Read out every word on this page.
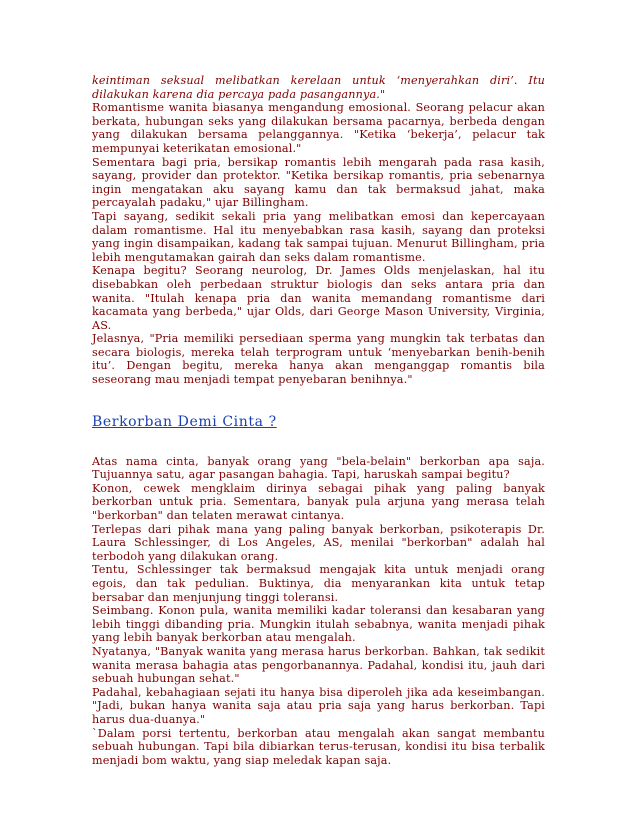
keintiman seksual melibatkan kerelaan untuk ‘menyerahkan diri’. Itu dilakukan karena dia percaya pada pasangannya."

Romantisme wanita biasanya mengandung emosional. Seorang pelacur akan berkata, hubungan seks yang dilakukan bersama pacarnya, berbeda dengan yang dilakukan bersama pelanggannya. "Ketika ‘bekerja’, pelacur tak mempunyai keterikatan emosional."

Sementara bagi pria, bersikap romantis lebih mengarah pada rasa kasih, sayang, provider dan protektor. "Ketika bersikap romantis, pria sebenarnya ingin mengatakan aku sayang kamu dan tak bermaksud jahat, maka percayalah padaku," ujar Billingham.

Tapi sayang, sedikit sekali pria yang melibatkan emosi dan kepercayaan dalam romantisme. Hal itu menyebabkan rasa kasih, sayang dan proteksi yang ingin disampaikan, kadang tak sampai tujuan. Menurut Billingham, pria lebih mengutamakan gairah dan seks dalam romantisme.

Kenapa begitu? Seorang neurolog, Dr. James Olds menjelaskan, hal itu disebabkan oleh perbedaan struktur biologis dan seks antara pria dan wanita. "Itulah kenapa pria dan wanita memandang romantisme dari kacamata yang berbeda," ujar Olds, dari George Mason University, Virginia, AS.

Jelasnya, "Pria memiliki persediaan sperma yang mungkin tak terbatas dan secara biologis, mereka telah terprogram untuk ‘menyebarkan benih-benih itu’. Dengan begitu, mereka hanya akan menganggap romantis bila seseorang mau menjadi tempat penyebaran benihnya."

Berkorban Demi Cinta ?

Atas nama cinta, banyak orang yang "bela-belain" berkorban apa saja. Tujuannya satu, agar pasangan bahagia. Tapi, haruskah sampai begitu?

Konon, cewek mengklaim dirinya sebagai pihak yang paling banyak berkorban untuk pria. Sementara, banyak pula arjuna yang merasa telah "berkorban" dan telaten merawat cintanya.

Terlepas dari pihak mana yang paling banyak berkorban, psikoterapis Dr. Laura Schlessinger, di Los Angeles, AS, menilai "berkorban" adalah hal terbodoh yang dilakukan orang.

Tentu, Schlessinger tak bermaksud mengajak kita untuk menjadi orang egois, dan tak pedulian. Buktinya, dia menyarankan kita untuk tetap bersabar dan menjunjung tinggi toleransi.

Seimbang. Konon pula, wanita memiliki kadar toleransi dan kesabaran yang lebih tinggi dibanding pria. Mungkin itulah sebabnya, wanita menjadi pihak yang lebih banyak berkorban atau mengalah.

Nyatanya, "Banyak wanita yang merasa harus berkorban. Bahkan, tak sedikit wanita merasa bahagia atas pengorbanannya. Padahal, kondisi itu, jauh dari sebuah hubungan sehat."

Padahal, kebahagiaan sejati itu hanya bisa diperoleh jika ada keseimbangan. "Jadi, bukan hanya wanita saja atau pria saja yang harus berkorban. Tapi harus dua-duanya."

`Dalam porsi tertentu, berkorban atau mengalah akan sangat membantu sebuah hubungan. Tapi bila dibiarkan terus-terusan, kondisi itu bisa terbalik menjadi bom waktu, yang siap meledak kapan saja.
